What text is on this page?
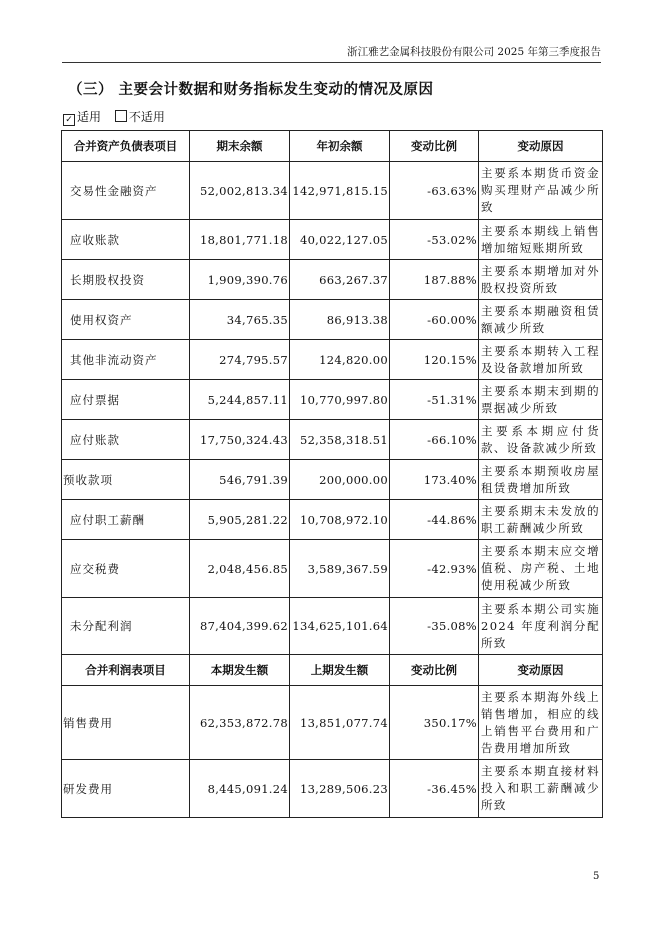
浙江雅艺金属科技股份有限公司 2025 年第三季度报告
（三） 主要会计数据和财务指标发生变动的情况及原因
✓ 适用 不适用
合并资产负债表项目	期末余额	年初余额	变动比例	变动原因
交易性金融资产	52,002,813.34	142,971,815.15	-63.63%	主要系本期货币资金购买理财产品减少所致
应收账款	18,801,771.18	40,022,127.05	-53.02%	主要系本期线上销售增加缩短账期所致
长期股权投资	1,909,390.76	663,267.37	187.88%	主要系本期增加对外股权投资所致
使用权资产	34,765.35	86,913.38	-60.00%	主要系本期融资租赁额减少所致
其他非流动资产	274,795.57	124,820.00	120.15%	主要系本期转入工程及设备款增加所致
应付票据	5,244,857.11	10,770,997.80	-51.31%	主要系本期末到期的票据减少所致
应付账款	17,750,324.43	52,358,318.51	-66.10%	主要系本期应付货款、设备款减少所致
预收款项	546,791.39	200,000.00	173.40%	主要系本期预收房屋租赁费增加所致
应付职工薪酬	5,905,281.22	10,708,972.10	-44.86%	主要系期末未发放的职工薪酬减少所致
应交税费	2,048,456.85	3,589,367.59	-42.93%	主要系本期末应交增值税、房产税、土地使用税减少所致
未分配利润	87,404,399.62	134,625,101.64	-35.08%	主要系本期公司实施2024 年度利润分配所致
合并利润表项目	本期发生额	上期发生额	变动比例	变动原因
销售费用	62,353,872.78	13,851,077.74	350.17%	主要系本期海外线上销售增加，相应的线上销售平台费用和广告费用增加所致
研发费用	8,445,091.24	13,289,506.23	-36.45%	主要系本期直接材料投入和职工薪酬减少所致
5
